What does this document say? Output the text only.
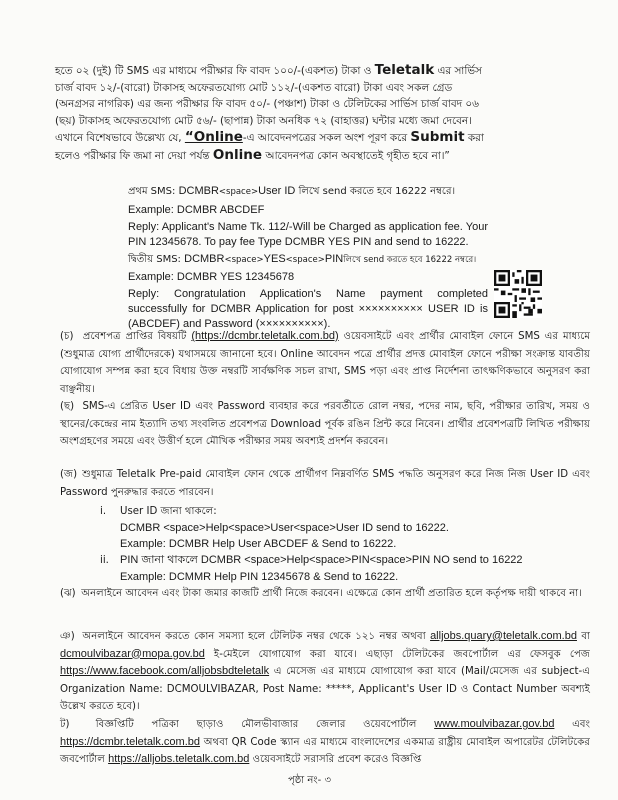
হতে ০২ (দুই) টি SMS এর মাধ্যমে পরীক্ষার ফি বাবদ ১০০/-(একশত) টাকা ও Teletalk এর সার্ভিস
চার্জ বাবদ ১২/-(বারো) টাকাসহ অফেরতযোগ্য মোট ১১২/-(একশত বারো) টাকা এবং সকল গ্রেড
(অনগ্রসর নাগরিক) এর জন্য পরীক্ষার ফি বাবদ ৫০/- (পঞ্চাশ) টাকা ও টেলিটকের সার্ভিস চার্জ বাবদ ০৬
(ছয়) টাকাসহ অফেরতযোগ্য মোট ৫৬/- (ছাপান্ন) টাকা অনধিক ৭২ (বাহাত্তর) ঘন্টার মধ্যে জমা দেবেন।
এখানে বিশেষভাবে উল্লেখ্য যে, “Online-এ আবেদনপত্রের সকল অংশ পূরণ করে Submit করা
হলেও পরীক্ষার ফি জমা না দেয়া পর্যন্ত Online আবেদনপত্র কোন অবস্থাতেই গৃহীত হবে না।”
প্রথম SMS: DCMBR<space>User ID লিখে send করতে হবে 16222 নম্বরে।
Example: DCMBR ABCDEF
Reply: Applicant's Name Tk. 112/-Will be Charged as application fee. Your PIN 12345678. To pay fee Type DCMBR YES PIN and send to 16222.
দ্বিতীয় SMS: DCMBR<space>YES<space>PINলিখে send করতে হবে 16222 নম্বরে।
Example: DCMBR YES 12345678
Reply: Congratulation Application's Name payment completed successfully for DCMBR Application for post ×××××××××× USER ID is (ABCDEF) and Password (××××××××××).
(চ) প্রবেশপত্র প্রাপ্তির বিষয়টি (https://dcmbr.teletalk.com.bd) ওয়েবসাইটে এবং প্রার্থীর মোবাইল ফোনে SMS এর মাধ্যমে (শুধুমাত্র যোগ্য প্রার্থীদেরকে) যথাসময়ে জানানো হবে। Online আবেদন পত্রে প্রার্থীর প্রদত্ত মোবাইল ফোনে পরীক্ষা সংক্রান্ত যাবতীয় যোগাযোগ সম্পন্ন করা হবে বিধায় উক্ত নম্বরটি সার্বক্ষণিক সচল রাখা, SMS পড়া এবং প্রাপ্ত নির্দেশনা তাৎক্ষণিকভাবে অনুসরণ করা বাঞ্ছনীয়।
(ছ) SMS-এ প্রেরিত User ID এবং Password ব্যবহার করে পরবর্তীতে রোল নম্বর, পদের নাম, ছবি, পরীক্ষার তারিখ, সময় ও স্থানের/কেন্দ্রের নাম ইত্যাদি তথ্য সংবলিত প্রবেশপত্র Download পূর্বক রঙিন প্রিন্ট করে নিবেন। প্রার্থীর প্রবেশপত্রটি লিখিত পরীক্ষায় অংশগ্রহণের সময়ে এবং উত্তীর্ণ হলে মৌখিক পরীক্ষার সময় অবশ্যই প্রদর্শন করবেন।
(জ) শুধুমাত্র Teletalk Pre-paid মোবাইল ফোন থেকে প্রার্থীগণ নিম্নবর্ণিত SMS পদ্ধতি অনুসরণ করে নিজ নিজ User ID এবং Password পুনরুদ্ধার করতে পারবেন।
i. User ID জানা থাকলে:
DCMBR <space>Help<space>User<space>User ID send to 16222.
Example: DCMBR Help User ABCDEF & Send to 16222.
ii. PIN জানা থাকলে DCMBR <space>Help<space>PIN<space>PIN NO send to 16222
Example: DCMMR Help PIN 12345678 & Send to 16222.
(ঝ) অনলাইনে আবেদন এবং টাকা জমার কাজটি প্রার্থী নিজে করবেন। এক্ষেত্রে কোন প্রার্থী প্রতারিত হলে কর্তৃপক্ষ দায়ী থাকবে না।
ঞ) অনলাইনে আবেদন করতে কোন সমস্যা হলে টেলিটক নম্বর থেকে ১২১ নম্বর অথবা alljobs.quary@teletalk.com.bd বা dcmoulvibazar@mopa.gov.bd ই-মেইলে যোগাযোগ করা যাবে। এছাড়া টেলিটকের জবপোর্টাল এর ফেসবুক পেজ https://www.facebook.com/alljobsbdteletalk এ মেসেজ এর মাধ্যমে যোগাযোগ করা যাবে (Mail/মেসেজ এর subject-এ Organization Name: DCMOULVIBAZAR, Post Name: *****, Applicant's User ID ও Contact Number অবশ্যই উল্লেখ করতে হবে)।
ট)	বিজ্ঞপ্তিটি পত্রিকা ছাড়াও মৌলভীবাজার জেলার ওয়েবপোর্টাল www.moulvibazar.gov.bd এবং https://dcmbr.teletalk.com.bd অথবা QR Code স্ক্যান এর মাধ্যমে বাংলাদেশের একমাত্র রাষ্ট্রীয় মোবাইল অপারেটর টেলিটকের জবপোর্টাল https://alljobs.teletalk.com.bd ওয়েবসাইটে সরাসরি প্রবেশ করেও বিজ্ঞপ্তি
পৃষ্ঠা নং- ৩
